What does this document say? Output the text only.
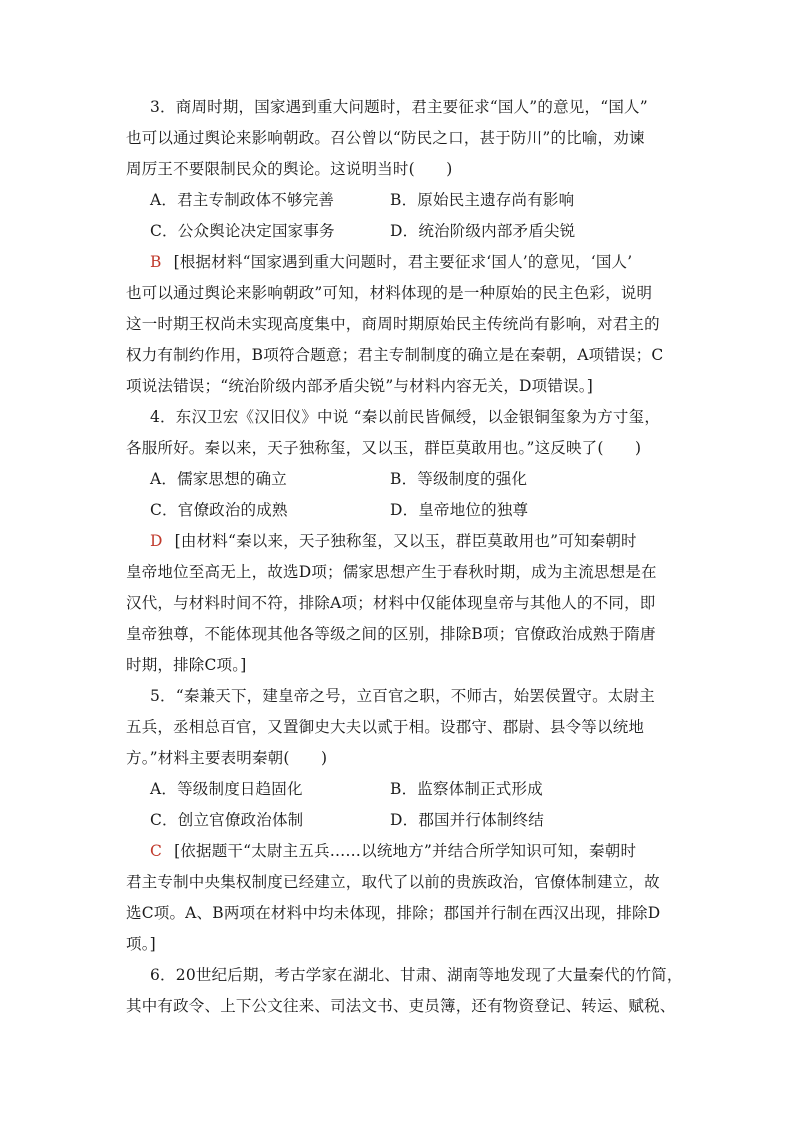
3．商周时期，国家遇到重大问题时，君主要征求“国人”的意见，“国人”
也可以通过舆论来影响朝政。召公曾以“防民之口，甚于防川”的比喻，劝谏
周厉王不要限制民众的舆论。这说明当时(　　)
A．君主专制政体不够完善	B．原始民主遗存尚有影响
C．公众舆论决定国家事务	D．统治阶级内部矛盾尖锐
B [根据材料“国家遇到重大问题时，君主要征求‘国人’的意见，‘国人’
也可以通过舆论来影响朝政”可知，材料体现的是一种原始的民主色彩，说明
这一时期王权尚未实现高度集中，商周时期原始民主传统尚有影响，对君主的
权力有制约作用，B项符合题意；君主专制制度的确立是在秦朝，A项错误；C
项说法错误；“统治阶级内部矛盾尖锐”与材料内容无关，D项错误。]
4．东汉卫宏《汉旧仪》中说 “秦以前民皆佩绶，以金银铜玺象为方寸玺，
各服所好。秦以来，天子独称玺，又以玉，群臣莫敢用也。”这反映了(　　)
A．儒家思想的确立	B．等级制度的强化
C．官僚政治的成熟	D．皇帝地位的独尊
D [由材料“秦以来，天子独称玺，又以玉，群臣莫敢用也”可知秦朝时
皇帝地位至高无上，故选D项；儒家思想产生于春秋时期，成为主流思想是在
汉代，与材料时间不符，排除A项；材料中仅能体现皇帝与其他人的不同，即
皇帝独尊，不能体现其他各等级之间的区别，排除B项；官僚政治成熟于隋唐
时期，排除C项。]
5．“秦兼天下，建皇帝之号，立百官之职，不师古，始罢侯置守。太尉主
五兵，丞相总百官，又置御史大夫以贰于相。设郡守、郡尉、县令等以统地
方。”材料主要表明秦朝(　　)
A．等级制度日趋固化	B．监察体制正式形成
C．创立官僚政治体制	D．郡国并行体制终结
C [依据题干“太尉主五兵……以统地方”并结合所学知识可知，秦朝时
君主专制中央集权制度已经建立，取代了以前的贵族政治，官僚体制建立，故
选C项。A、B两项在材料中均未体现，排除；郡国并行制在西汉出现，排除D
项。]
6．20世纪后期，考古学家在湖北、甘肃、湖南等地发现了大量秦代的竹简，
其中有政令、上下公文往来、司法文书、吏员簿，还有物资登记、转运、赋税、
